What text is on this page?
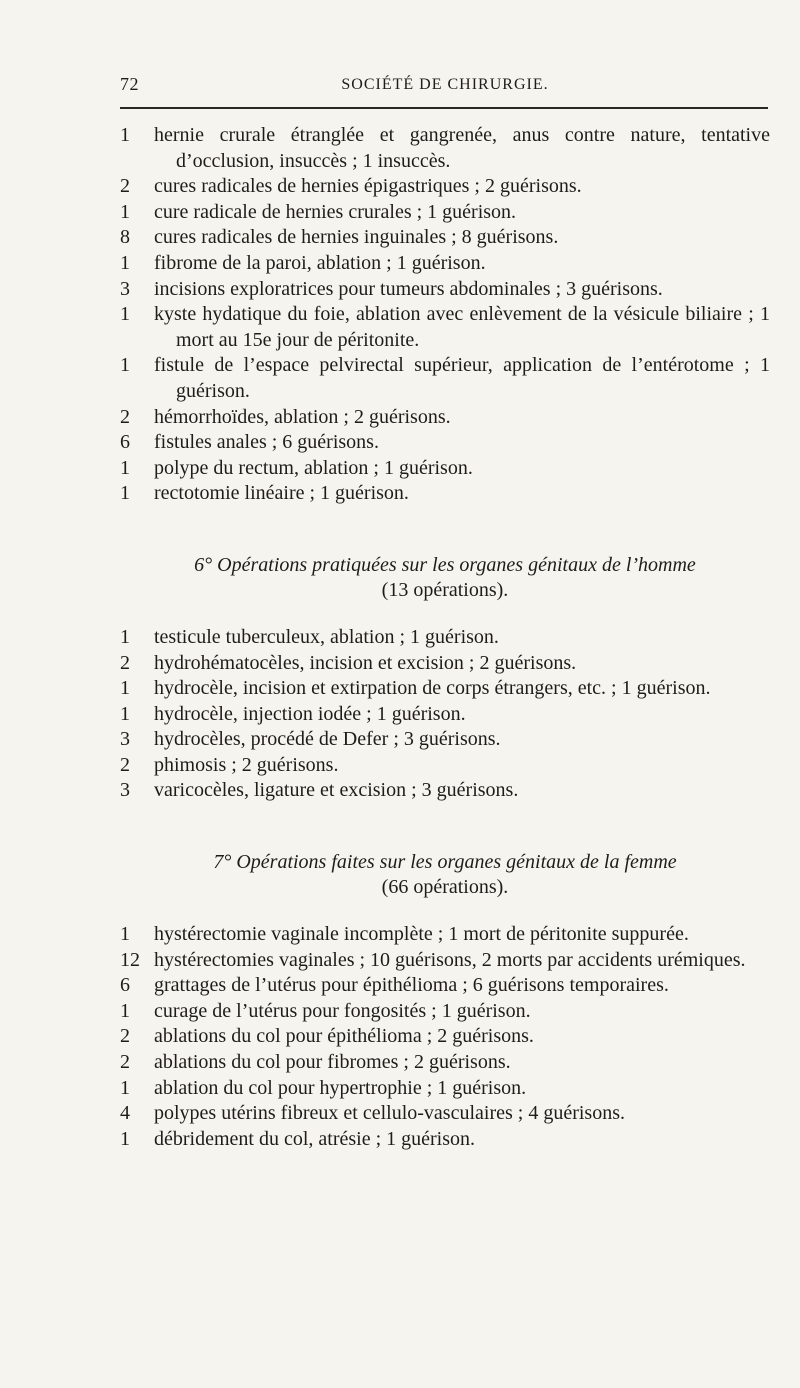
72	SOCIÉTÉ DE CHIRURGIE.
1	hernie crurale étranglée et gangrenée, anus contre nature, tentative d’occlusion, insuccès ; 1 insuccès.
2	cures radicales de hernies épigastriques ; 2 guérisons.
1	cure radicale de hernies crurales ; 1 guérison.
8	cures radicales de hernies inguinales ; 8 guérisons.
1	fibrome de la paroi, ablation ; 1 guérison.
3	incisions exploratrices pour tumeurs abdominales ; 3 guérisons.
1	kyste hydatique du foie, ablation avec enlèvement de la vésicule biliaire ; 1 mort au 15e jour de péritonite.
1	fistule de l’espace pelvirectal supérieur, application de l’entérotome ; 1 guérison.
2	hémorrhoïdes, ablation ; 2 guérisons.
6	fistules anales ; 6 guérisons.
1	polype du rectum, ablation ; 1 guérison.
1	rectotomie linéaire ; 1 guérison.
6° Opérations pratiquées sur les organes génitaux de l’homme
(13 opérations).
1	testicule tuberculeux, ablation ; 1 guérison.
2	hydrohématocèles, incision et excision ; 2 guérisons.
1	hydrocèle, incision et extirpation de corps étrangers, etc. ; 1 guérison.
1	hydrocèle, injection iodée ; 1 guérison.
3	hydrocèles, procédé de Defer ; 3 guérisons.
2	phimosis ; 2 guérisons.
3	varicocèles, ligature et excision ; 3 guérisons.
7° Opérations faites sur les organes génitaux de la femme
(66 opérations).
1	hystérectomie vaginale incomplète ; 1 mort de péritonite suppurée.
12 hystérectomies vaginales ; 10 guérisons, 2 morts par accidents urémiques.
6	grattages de l’utérus pour épithélioma ; 6 guérisons temporaires.
1	curage de l’utérus pour fongosités ; 1 guérison.
2	ablations du col pour épithélioma ; 2 guérisons.
2	ablations du col pour fibromes ; 2 guérisons.
1	ablation du col pour hypertrophie ; 1 guérison.
4	polypes utérins fibreux et cellulo-vasculaires ; 4 guérisons.
1	débridement du col, atrésie ; 1 guérison.
